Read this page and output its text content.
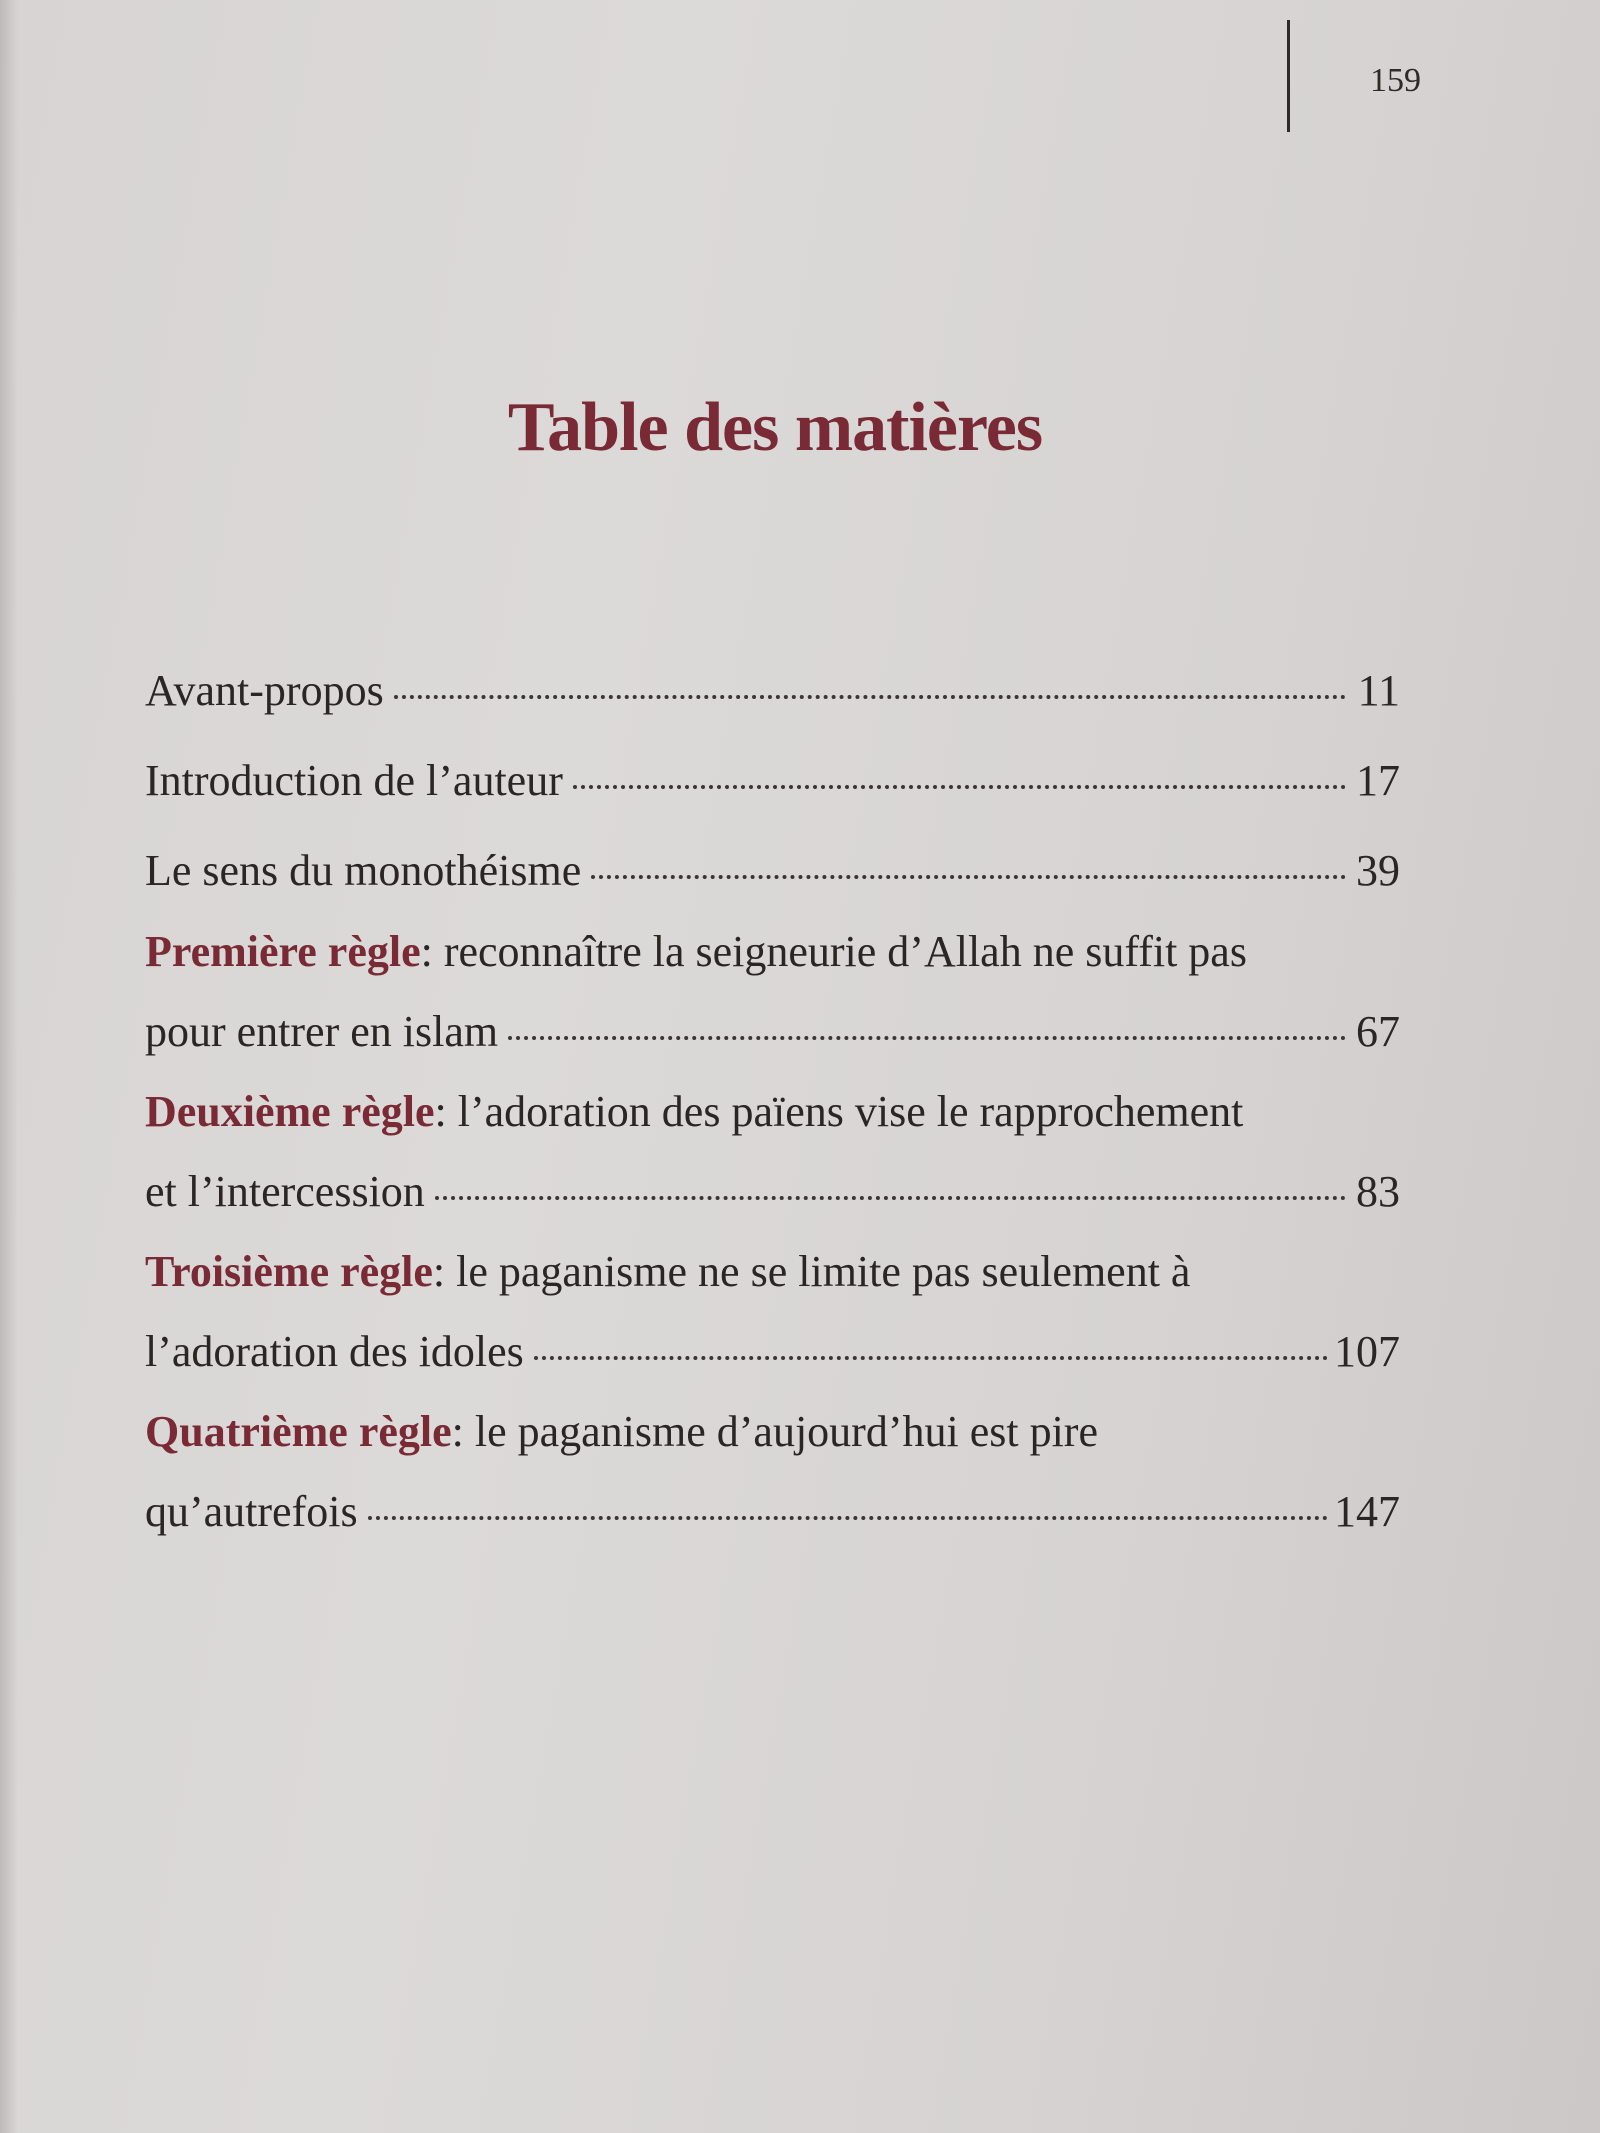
159
Table des matières
Avant-propos	11
Introduction de l’auteur	17
Le sens du monothéisme	39
Première règle: reconnaître la seigneurie d’Allah ne suffit pas
pour entrer en islam	67
Deuxième règle: l’adoration des païens vise le rapprochement
et l’intercession	83
Troisième règle: le paganisme ne se limite pas seulement à
l’adoration des idoles	107
Quatrième règle: le paganisme d’aujourd’hui est pire
qu’autrefois	147
